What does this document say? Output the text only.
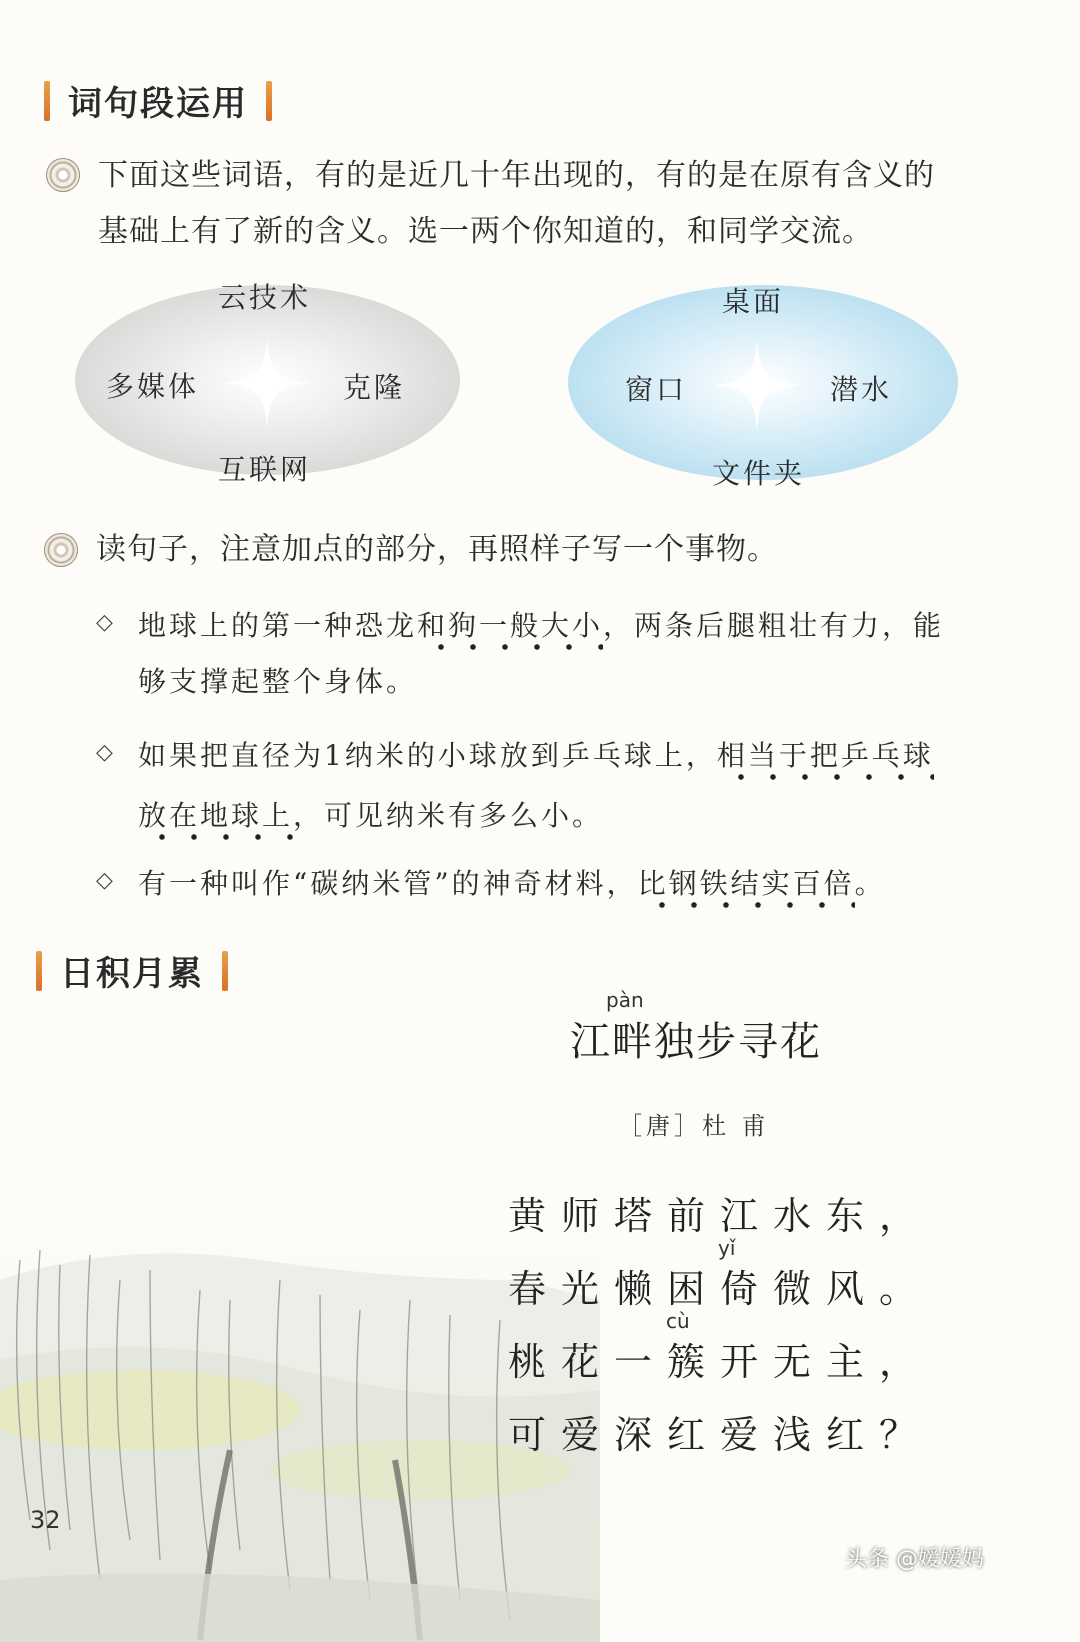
词句段运用
下面这些词语，有的是近几十年出现的，有的是在原有含义的
基础上有了新的含义。选一两个你知道的，和同学交流。
云技术
多媒体	克隆
互联网
桌面
窗口	潜水
文件夹
读句子，注意加点的部分，再照样子写一个事物。
◇ 地球上的第一种恐龙和狗一般大小，两条后腿粗壮有力，能
够支撑起整个身体。
◇ 如果把直径为1纳米的小球放到乒乓球上，相当于把乒乓球
放在地球上，可见纳米有多么小。
◇ 有一种叫作“碳纳米管”的神奇材料，比钢铁结实百倍。
日积月累
pàn
江畔独步寻花
［唐］杜 甫
黄师塔前江水东，
yǐ
春光懒困倚微风。
cù
桃花一簇开无主，
可爱深红爱浅红？
32
头条 @嫒嫒妈
